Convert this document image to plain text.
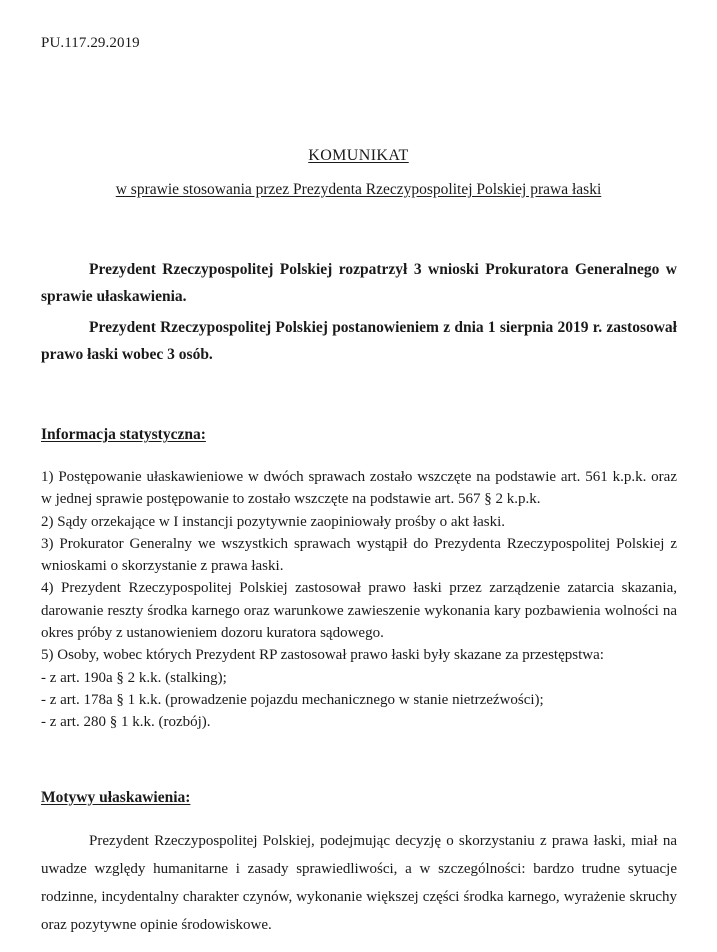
PU.117.29.2019
KOMUNIKAT
w sprawie stosowania przez Prezydenta Rzeczypospolitej Polskiej prawa łaski

Prezydent Rzeczypospolitej Polskiej rozpatrzył 3 wnioski Prokuratora Generalnego w sprawie ułaskawienia.

Prezydent Rzeczypospolitej Polskiej postanowieniem z dnia 1 sierpnia 2019 r. zastosował prawo łaski wobec 3 osób.

Informacja statystyczna:

1) Postępowanie ułaskawieniowe w dwóch sprawach zostało wszczęte na podstawie art. 561 k.p.k. oraz w jednej sprawie postępowanie to zostało wszczęte na podstawie art. 567 § 2 k.p.k.

2) Sądy orzekające w I instancji pozytywnie zaopiniowały prośby o akt łaski.

3) Prokurator Generalny we wszystkich sprawach wystąpił do Prezydenta Rzeczypospolitej Polskiej z wnioskami o skorzystanie z prawa łaski.

4) Prezydent Rzeczypospolitej Polskiej zastosował prawo łaski przez zarządzenie zatarcia skazania, darowanie reszty środka karnego oraz warunkowe zawieszenie wykonania kary pozbawienia wolności na okres próby z ustanowieniem dozoru kuratora sądowego.

5) Osoby, wobec których Prezydent RP zastosował prawo łaski były skazane za przestępstwa:

- z art. 190a § 2 k.k. (stalking);

- z art. 178a § 1 k.k. (prowadzenie pojazdu mechanicznego w stanie nietrzeźwości);

- z art. 280 § 1 k.k. (rozbój).

Motywy ułaskawienia:

Prezydent Rzeczypospolitej Polskiej, podejmując decyzję o skorzystaniu z prawa łaski, miał na uwadze względy humanitarne i zasady sprawiedliwości, a w szczególności: bardzo trudne sytuacje rodzinne, incydentalny charakter czynów, wykonanie większej części środka karnego, wyrażenie skruchy oraz pozytywne opinie środowiskowe.
